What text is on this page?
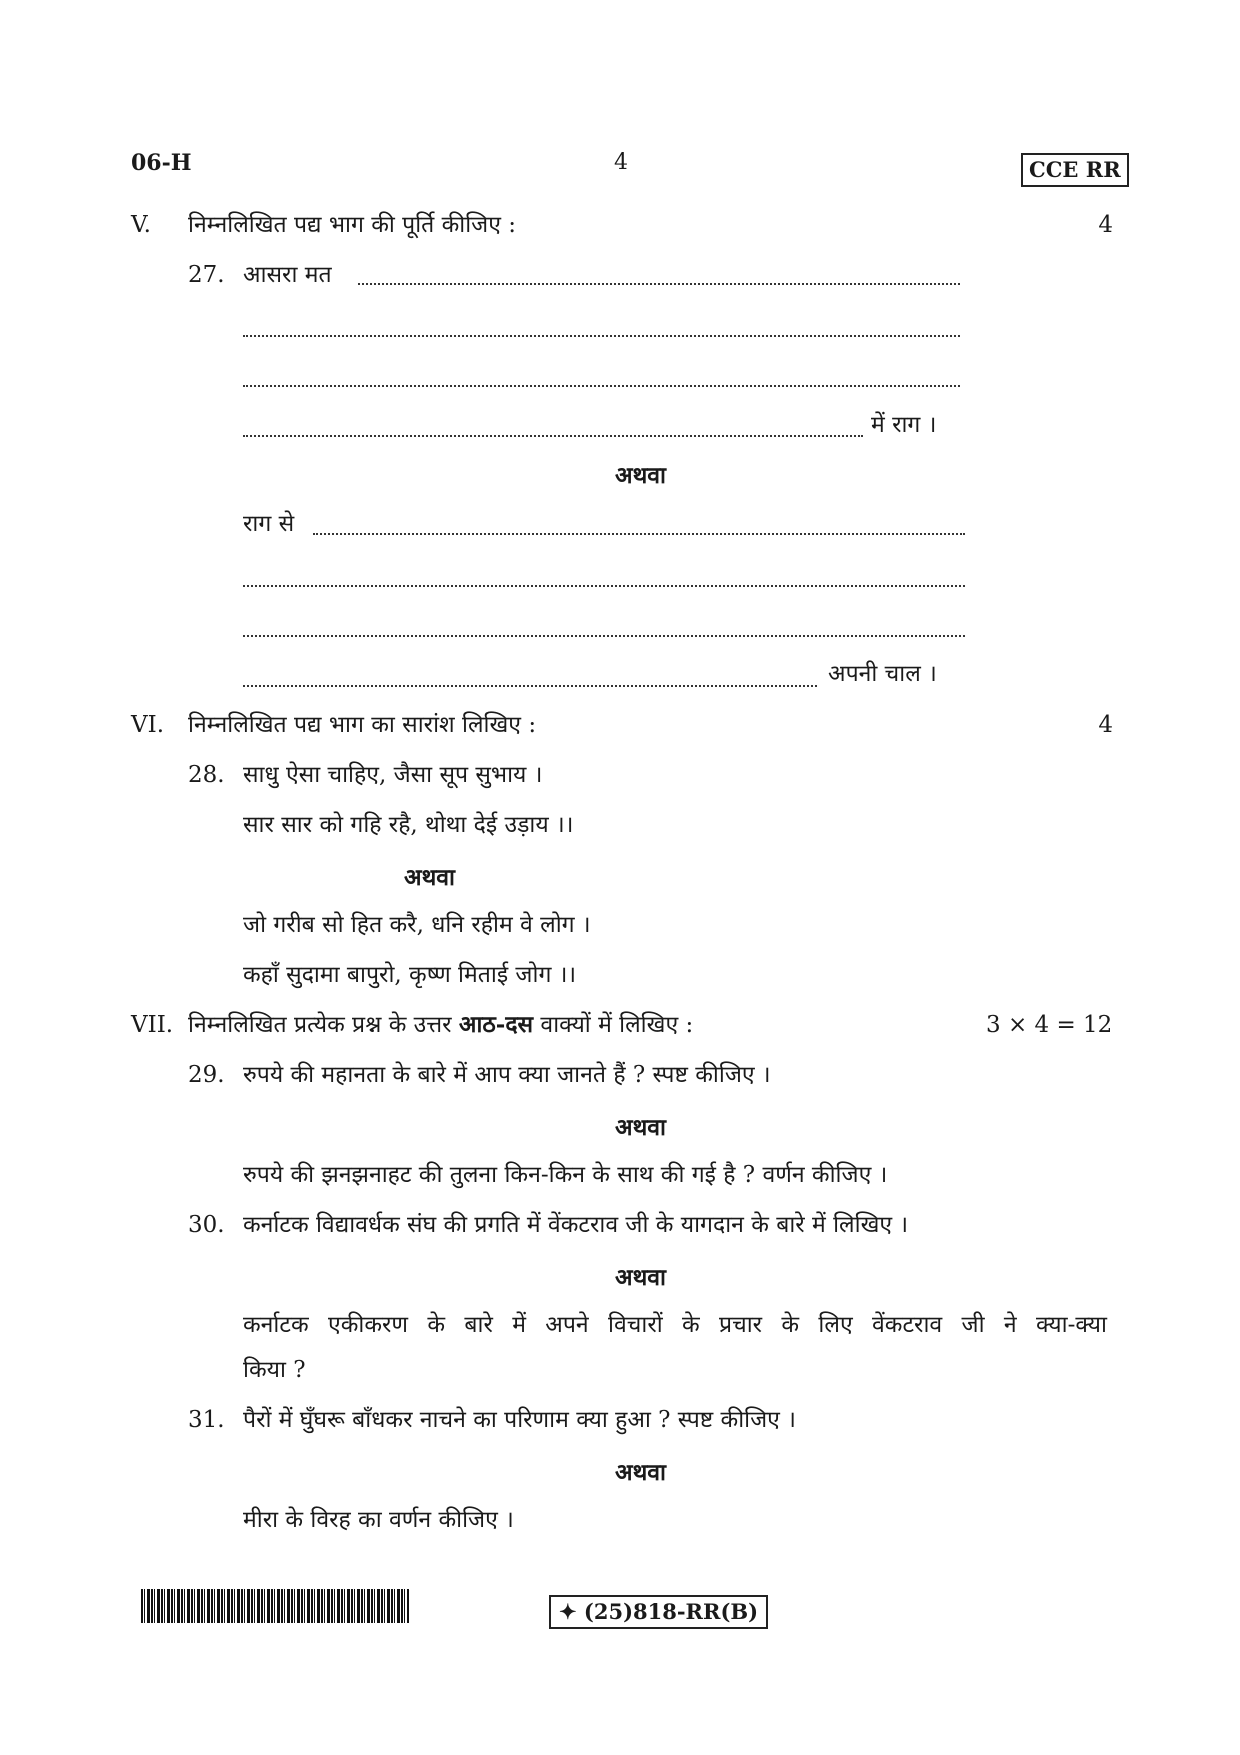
06-H	4	CCE RR
V. निम्नलिखित पद्य भाग की पूर्ति कीजिए :	4
27. आसरा मत
में राग ।
अथवा
राग से
अपनी चाल ।
VI. निम्नलिखित पद्य भाग का सारांश लिखिए :	4
28. साधु ऐसा चाहिए, जैसा सूप सुभाय ।
सार सार को गहि रहै, थोथा देई उड़ाय ।।
अथवा
जो गरीब सो हित करै, धनि रहीम वे लोग ।
कहाँ सुदामा बापुरो, कृष्ण मिताई जोग ।।
VII. निम्नलिखित प्रत्येक प्रश्न के उत्तर आठ-दस वाक्यों में लिखिए :	3 × 4 = 12
29. रुपये की महानता के बारे में आप क्या जानते हैं ? स्पष्ट कीजिए ।
अथवा
रुपये की झनझनाहट की तुलना किन-किन के साथ की गई है ? वर्णन कीजिए ।
30. कर्नाटक विद्यावर्धक संघ की प्रगति में वेंकटराव जी के यागदान के बारे में लिखिए ।
अथवा
कर्नाटक एकीकरण के बारे में अपने विचारों के प्रचार के लिए वेंकटराव जी ने क्या-क्या
किया ?
31. पैरों में घुँघरू बाँधकर नाचने का परिणाम क्या हुआ ? स्पष्ट कीजिए ।
अथवा
मीरा के विरह का वर्णन कीजिए ।
✦ (25)818-RR(B)
